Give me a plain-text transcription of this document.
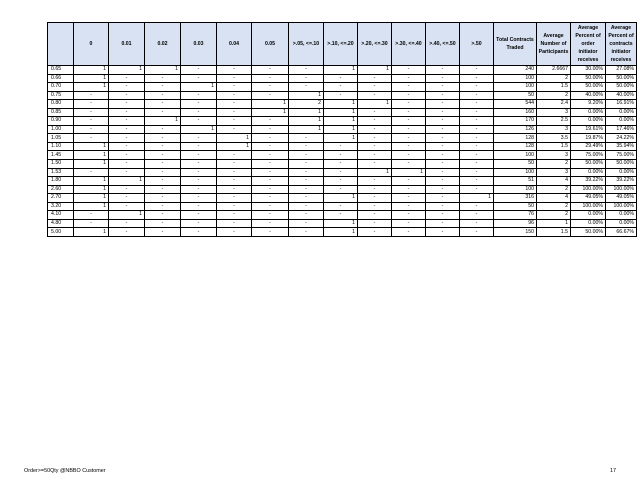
	0	0.01	0.02	0.03	0.04	0.05	>.05, <=.10	>.10, <=.20	>.20, <=.30	>.30, <=.40	>.40, <=.50	>.50	Total Contracts Traded	Average Number of Participants	Average Percent of order initiator receives	Average Percent of contracts initiator receives
0.65	1	1	1	-	-	-	-	1	1	-	-	-	240	2.6667	30.00%	27.08%
0.66	1	-	-	-	-	-	-	-	-	-	-	-	100	2	50.00%	50.00%
0.70	1	-	-	1	-	-	-	-	-	-	-	-	100	1.5	50.00%	50.00%
0.75	-	-	-	-	-	-	1	-	-	-	-	-	50	2	40.00%	40.00%
0.80	-	-	-	-	-	1	2	1	1	-	-	-	544	2.4	9.20%	16.91%
0.85	-	-	-	-	-	1	1	1	-	-	-	-	160	3	0.00%	0.00%
0.90	-	-	1	-	-	-	1	1	-	-	-	-	170	2.5	0.00%	0.00%
1.00	-	-	-	1	-	-	1	1	-	-	-	-	126	3	19.61%	17.46%
1.05	-	-	-	-	1	-	-	1	-	-	-	-	128	3.5	19.87%	24.22%
1.10	1	-	-	-	1	-	-	-	-	-	-	-	128	1.5	29.49%	35.94%
1.45	1	-	-	-	-	-	-	-	-	-	-	-	100	3	75.00%	75.00%
1.50	1	-	-	-	-	-	-	-	-	-	-	-	50	2	50.00%	50.00%
1.53	-	-	-	-	-	-	-	-	1	1	-	-	100	3	0.00%	0.00%
1.80	1	1	-	-	-	-	-	-	-	-	-	-	51	4	39.22%	39.22%
2.60	1	-	-	-	-	-	-	-	-	-	-	-	100	2	100.00%	100.00%
2.70	1	-	-	-	-	-	-	1	-	-	-	1	316	4	49.05%	49.05%
3.20	1	-	-	-	-	-	-	-	-	-	-	-	50	2	100.00%	100.00%
4.10	-	1	-	-	-	-	-	-	-	-	-	-	76	2	0.00%	0.00%
4.80	-	-	-	-	-	-	-	1	-	-	-	-	96	1	0.00%	0.00%
5.00	1	-	-	-	-	-	-	1	-	-	-	-	150	1.5	50.00%	66.67%
Order>=50Qty @NBBO Customer	17
